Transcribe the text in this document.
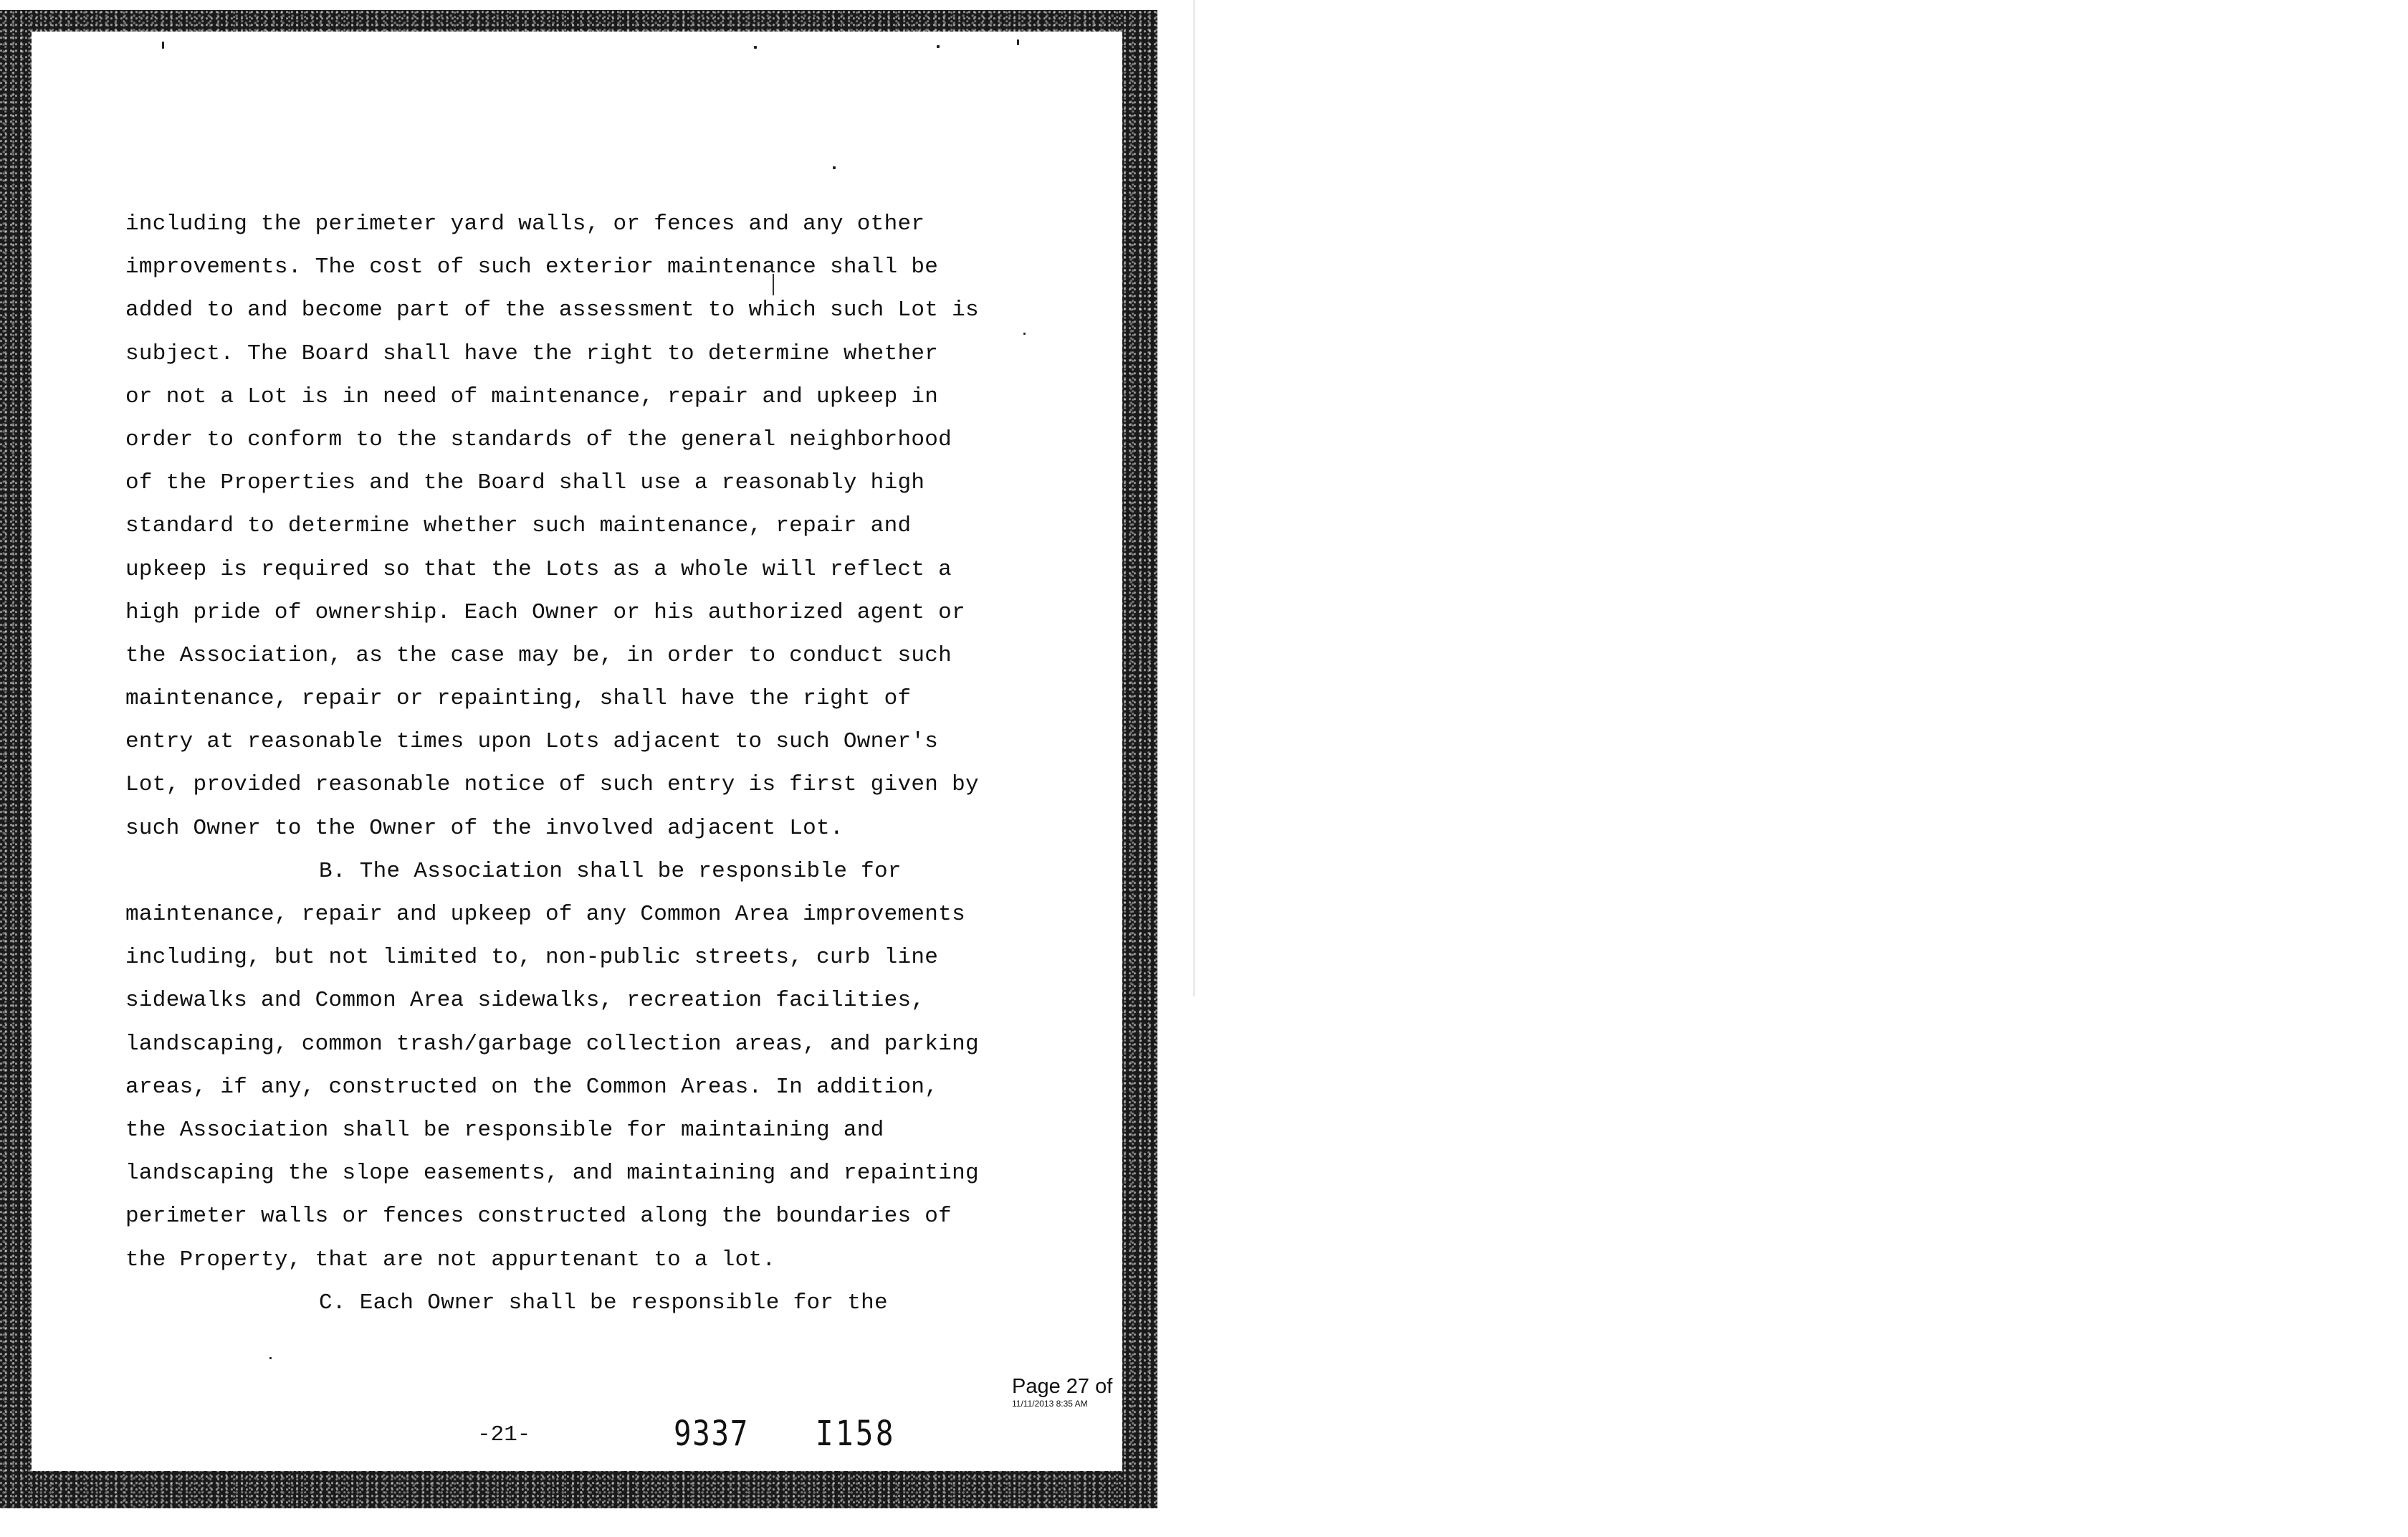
including the perimeter yard walls, or fences and any other
improvements. The cost of such exterior maintenance shall be
added to and become part of the assessment to which such Lot is
subject. The Board shall have the right to determine whether
or not a Lot is in need of maintenance, repair and upkeep in
order to conform to the standards of the general neighborhood
of the Properties and the Board shall use a reasonably high
standard to determine whether such maintenance, repair and
upkeep is required so that the Lots as a whole will reflect a
high pride of ownership. Each Owner or his authorized agent or
the Association, as the case may be, in order to conduct such
maintenance, repair or repainting, shall have the right of
entry at reasonable times upon Lots adjacent to such Owner's
Lot, provided reasonable notice of such entry is first given by
such Owner to the Owner of the involved adjacent Lot.
B. The Association shall be responsible for
maintenance, repair and upkeep of any Common Area improvements
including, but not limited to, non-public streets, curb line
sidewalks and Common Area sidewalks, recreation facilities,
landscaping, common trash/garbage collection areas, and parking
areas, if any, constructed on the Common Areas. In addition,
the Association shall be responsible for maintaining and
landscaping the slope easements, and maintaining and repainting
perimeter walls or fences constructed along the boundaries of
the Property, that are not appurtenant to a lot.
C. Each Owner shall be responsible for the
Page 27 of
11/11/2013 8:35 AM
-21-	9337 I158
